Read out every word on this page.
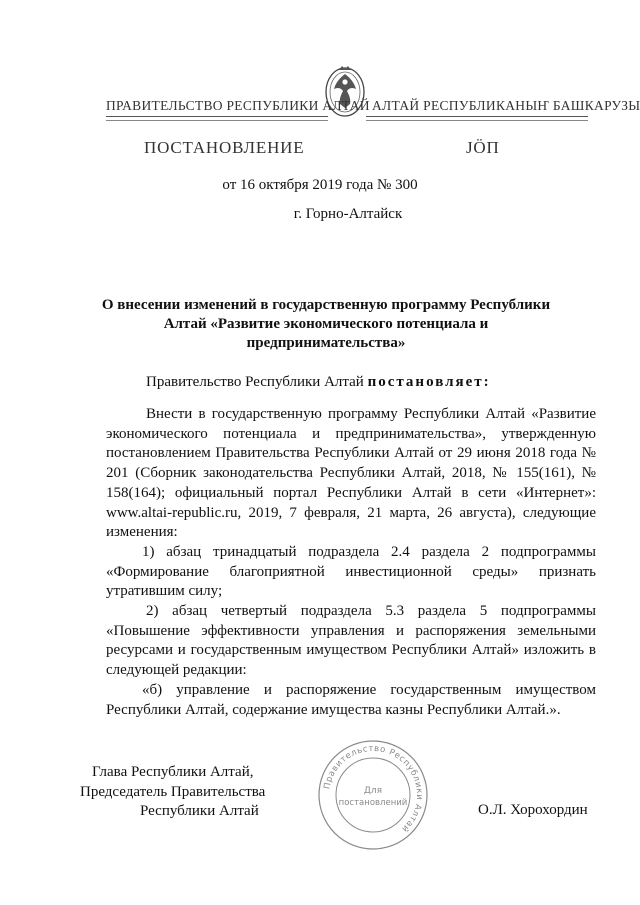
ПРАВИТЕЛЬСТВО РЕСПУБЛИКИ АЛТАЙ АЛТАЙ РЕСПУБЛИКАНЫҤ БАШКАРУЗЫ
ПОСТАНОВЛЕНИЕ	ЈӦП
от 16 октября 2019 года № 300
г. Горно-Алтайск
О внесении изменений в государственную программу Республики Алтай «Развитие экономического потенциала и предпринимательства»
Правительство Республики Алтай постановляет:

Внести в государственную программу Республики Алтай «Развитие экономического потенциала и предпринимательства», утвержденную постановлением Правительства Республики Алтай от 29 июня 2018 года № 201 (Сборник законодательства Республики Алтай, 2018, № 155(161), № 158(164); официальный портал Республики Алтай в сети «Интернет»: www.altai-republic.ru, 2019, 7 февраля, 21 марта, 26 августа), следующие изменения:

1) абзац тринадцатый подраздела 2.4 раздела 2 подпрограммы «Формирование благоприятной инвестиционной среды» признать утратившим силу;

2) абзац четвертый подраздела 5.3 раздела 5 подпрограммы «Повышение эффективности управления и распоряжения земельными ресурсами и государственным имуществом Республики Алтай» изложить в следующей редакции:

«б) управление и распоряжение государственным имуществом Республики Алтай, содержание имущества казны Республики Алтай.».

Глава Республики Алтай,
Председатель Правительства
Республики Алтай	О.Л. Хорохордин
Правительство Республики Алтай
Для
постановлений
